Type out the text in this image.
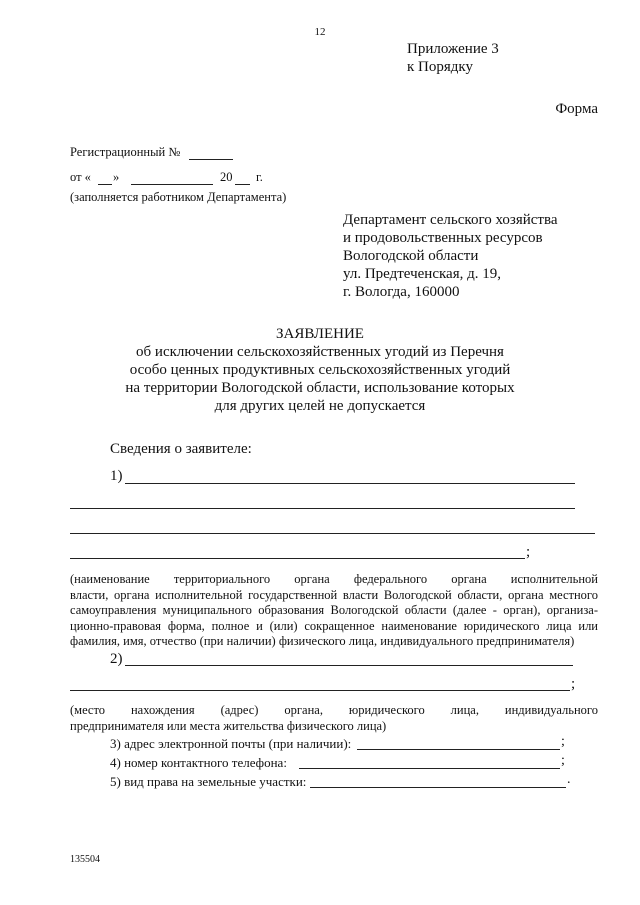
12
Приложение 3
к Порядку
Форма
Регистрационный №
от « »	20 г.
(заполняется работником Департамента)
Департамент сельского хозяйства
и продовольственных ресурсов
Вологодской области
ул. Предтеченская, д. 19,
г. Вологда, 160000
ЗАЯВЛЕНИЕ
об исключении сельскохозяйственных угодий из Перечня
особо ценных продуктивных сельскохозяйственных угодий
на территории Вологодской области, использование которых
для других целей не допускается
Сведения о заявителе:
1)
;
(наименование территориального органа федерального органа исполнительной
власти, органа исполнительной государственной власти Вологодской области, органа местного
самоуправления муниципального образования Вологодской области (далее - орган), организа-
ционно-правовая форма, полное и (или) сокращенное наименование юридического лица или
фамилия, имя, отчество (при наличии) физического лица, индивидуального предпринимателя)
2)
;
(место нахождения (адрес) органа, юридического лица, индивидуального
предпринимателя или места жительства физического лица)
3) адрес электронной почты (при наличии):	;
4) номер контактного телефона:	;
5) вид права на земельные участки:	.
135504
